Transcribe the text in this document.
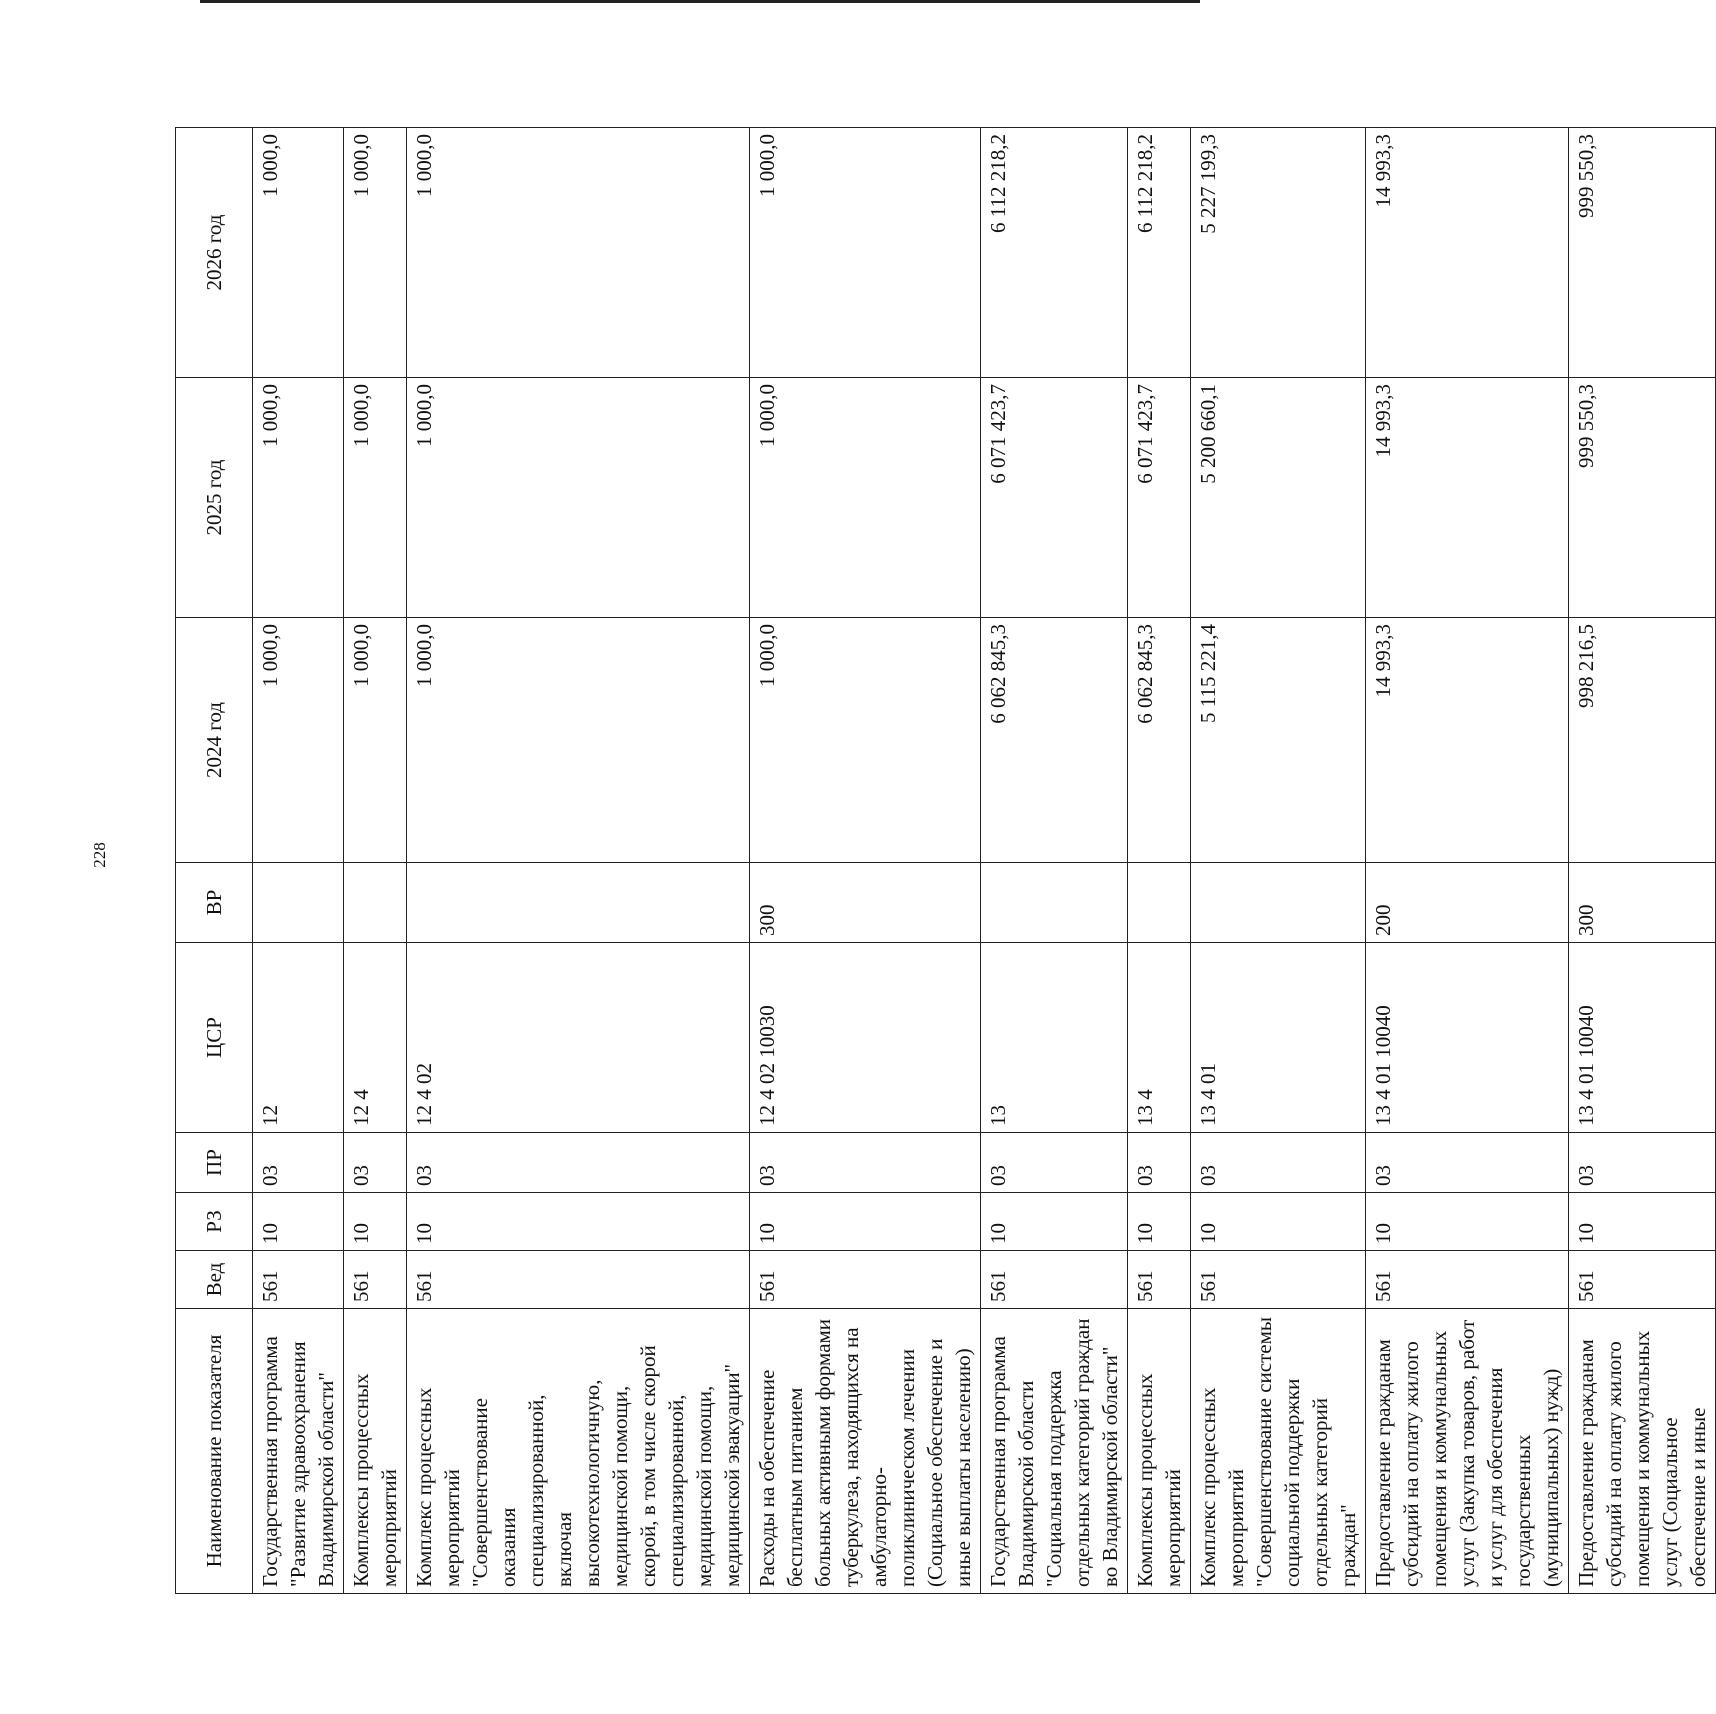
228
Наименование показателя	Вед	РЗ	ПР	ЦСР	ВР	2024 год	2025 год	2026 год
Государственная программа "Развитие здравоохранения Владимирской области"	561	10	03	12		1 000,0	1 000,0	1 000,0
Комплексы процессных мероприятий	561	10	03	12 4		1 000,0	1 000,0	1 000,0
Комплекс процессных мероприятий "Совершенствование оказания специализированной, включая высокотехнологичную, медицинской помощи, скорой, в том числе скорой специализированной, медицинской помощи, медицинской эвакуации"	561	10	03	12 4 02		1 000,0	1 000,0	1 000,0
Расходы на обеспечение бесплатным питанием больных активными формами туберкулеза, находящихся на амбулаторно-поликлиническом лечении (Социальное обеспечение и иные выплаты населению)	561	10	03	12 4 02 10030	300	1 000,0	1 000,0	1 000,0
Государственная программа Владимирской области "Социальная поддержка отдельных категорий граждан во Владимирской области"	561	10	03	13		6 062 845,3	6 071 423,7	6 112 218,2
Комплексы процессных мероприятий	561	10	03	13 4		6 062 845,3	6 071 423,7	6 112 218,2
Комплекс процессных мероприятий "Совершенствование системы социальной поддержки отдельных категорий граждан"	561	10	03	13 4 01		5 115 221,4	5 200 660,1	5 227 199,3
Предоставление гражданам субсидий на оплату жилого помещения и коммунальных услуг (Закупка товаров, работ и услуг для обеспечения государственных (муниципальных) нужд)	561	10	03	13 4 01 10040	200	14 993,3	14 993,3	14 993,3
Предоставление гражданам субсидий на оплату жилого помещения и коммунальных услуг (Социальное обеспечение и иные	561	10	03	13 4 01 10040	300	998 216,5	999 550,3	999 550,3
